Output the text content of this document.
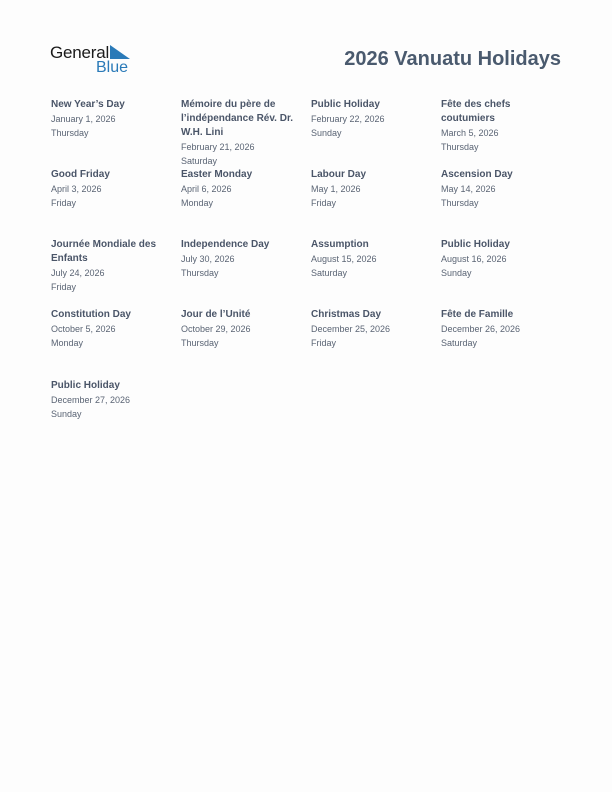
General
Blue	2026 Vanuatu Holidays
New Year’s Day
January 1, 2026
Thursday
Mémoire du père de l’indépendance Rév. Dr. W.H. Lini
February 21, 2026
Saturday
Public Holiday
February 22, 2026
Sunday
Fête des chefs coutumiers
March 5, 2026
Thursday
Good Friday
April 3, 2026
Friday
Easter Monday
April 6, 2026
Monday
Labour Day
May 1, 2026
Friday
Ascension Day
May 14, 2026
Thursday
Journée Mondiale des Enfants
July 24, 2026
Friday
Independence Day
July 30, 2026
Thursday
Assumption
August 15, 2026
Saturday
Public Holiday
August 16, 2026
Sunday
Constitution Day
October 5, 2026
Monday
Jour de l’Unité
October 29, 2026
Thursday
Christmas Day
December 25, 2026
Friday
Fête de Famille
December 26, 2026
Saturday
Public Holiday
December 27, 2026
Sunday
